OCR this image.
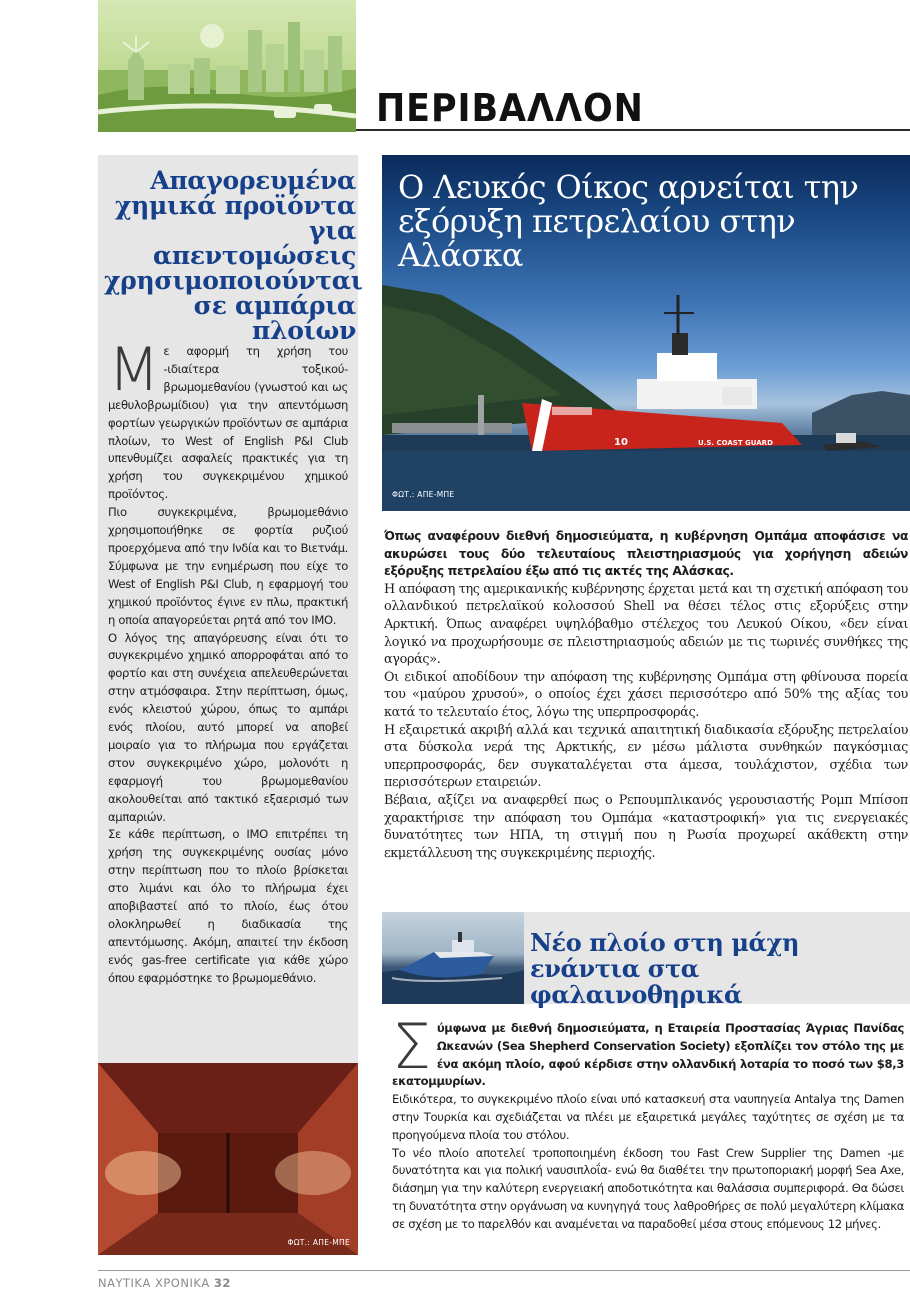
ΠΕΡΙΒΑΛΛΟΝ
Απαγορευμένα χημικά προϊόντα για απεντομώσεις χρησιμοποιούνται σε αμπάρια πλοίων

Με αφορμή τη χρήση του -ιδιαίτερα τοξικού- βρωμομεθανίου (γνωστού και ως μεθυλοβρωμίδιου) για την απεντόμωση φορτίων γεωργικών προϊόντων σε αμπάρια πλοίων, το West of English P&I Club υπενθυμίζει ασφαλείς πρακτικές για τη χρήση του συγκεκριμένου χημικού προϊόντος.

Πιο συγκεκριμένα, βρωμομεθάνιο χρησιμοποιήθηκε σε φορτία ρυζιού προερχόμενα από την Ινδία και το Βιετνάμ. Σύμφωνα με την ενημέρωση που είχε το West of English P&I Club, η εφαρμογή του χημικού προϊόντος έγινε εν πλω, πρακτική η οποία απαγορεύεται ρητά από τον ΙΜΟ.

Ο λόγος της απαγόρευσης είναι ότι το συγκεκριμένο χημικό απορροφάται από το φορτίο και στη συνέχεια απελευθερώνεται στην ατμόσφαιρα. Στην περίπτωση, όμως, ενός κλειστού χώρου, όπως το αμπάρι ενός πλοίου, αυτό μπορεί να αποβεί μοιραίο για το πλήρωμα που εργάζεται στον συγκεκριμένο χώρο, μολονότι η εφαρμογή του βρωμομεθανίου ακολουθείται από τακτικό εξαερισμό των αμπαριών.

Σε κάθε περίπτωση, ο ΙΜΟ επιτρέπει τη χρήση της συγκεκριμένης ουσίας μόνο στην περίπτωση που το πλοίο βρίσκεται στο λιμάνι και όλο το πλήρωμα έχει αποβιβαστεί από το πλοίο, έως ότου ολοκληρωθεί η διαδικασία της απεντόμωσης. Ακόμη, απαιτεί την έκδοση ενός gas-free certificate για κάθε χώρο όπου εφαρμόστηκε το βρωμομεθάνιο.

ΦΩΤ.: ΑΠΕ-ΜΠΕ
10	U.S. COAST GUARD
ΦΩΤ.: ΑΠΕ-ΜΠΕ
Ο Λευκός Οίκος αρνείται την εξόρυξη πετρελαίου στην Αλάσκα

Όπως αναφέρουν διεθνή δημοσιεύματα, η κυβέρνηση Ομπάμα αποφάσισε να ακυρώσει τους δύο τελευταίους πλειστηριασμούς για χορήγηση αδειών εξόρυξης πετρελαίου έξω από τις ακτές της Αλάσκας.

Η απόφαση της αμερικανικής κυβέρνησης έρχεται μετά και τη σχετική απόφαση του ολλανδικού πετρελαϊκού κολοσσού Shell να θέσει τέλος στις εξορύξεις στην Αρκτική. Όπως αναφέρει υψηλόβαθμο στέλεχος του Λευκού Οίκου, «δεν είναι λογικό να προχωρήσουμε σε πλειστηριασμούς αδειών με τις τωρινές συνθήκες της αγοράς».

Οι ειδικοί αποδίδουν την απόφαση της κυβέρνησης Ομπάμα στη φθίνουσα πορεία του «μαύρου χρυσού», ο οποίος έχει χάσει περισσότερο από 50% της αξίας του κατά το τελευταίο έτος, λόγω της υπερπροσφοράς.

Η εξαιρετικά ακριβή αλλά και τεχνικά απαιτητική διαδικασία εξόρυξης πετρελαίου στα δύσκολα νερά της Αρκτικής, εν μέσω μάλιστα συνθηκών παγκόσμιας υπερπροσφοράς, δεν συγκαταλέγεται στα άμεσα, τουλάχιστον, σχέδια των περισσότερων εταιρειών.

Βέβαια, αξίζει να αναφερθεί πως ο Ρεπουμπλικανός γερουσιαστής Ρομπ Μπίσοπ χαρακτήρισε την απόφαση του Ομπάμα «καταστροφική» για τις ενεργειακές δυνατότητες των ΗΠΑ, τη στιγμή που η Ρωσία προχωρεί ακάθεκτη στην εκμετάλλευση της συγκεκριμένης περιοχής.

Νέο πλοίο στη μάχη ενάντια στα φαλαινοθηρικά

Σύμφωνα με διεθνή δημοσιεύματα, η Εταιρεία Προστασίας Άγριας Πανίδας Ωκεανών (Sea Shepherd Conservation Society) εξοπλίζει τον στόλο της με ένα ακόμη πλοίο, αφού κέρδισε στην ολλανδική λοταρία το ποσό των $8,3 εκατομμυρίων.

Ειδικότερα, το συγκεκριμένο πλοίο είναι υπό κατασκευή στα ναυπηγεία Antalya της Damen στην Τουρκία και σχεδιάζεται να πλέει με εξαιρετικά μεγάλες ταχύτητες σε σχέση με τα προηγούμενα πλοία του στόλου.

Το νέο πλοίο αποτελεί τροποποιημένη έκδοση του Fast Crew Supplier της Damen -με δυνατότητα και για πολική ναυσιπλοΐα- ενώ θα διαθέτει την πρωτοποριακή μορφή Sea Axe, διάσημη για την καλύτερη ενεργειακή αποδοτικότητα και θαλάσσια συμπεριφορά. Θα δώσει τη δυνατότητα στην οργάνωση να κυνηγηγά τους λαθροθήρες σε πολύ μεγαλύτερη κλίμακα σε σχέση με το παρελθόν και αναμένεται να παραδοθεί μέσα στους επόμενους 12 μήνες.

ΝΑΥΤΙΚΑ ΧΡΟΝΙΚΑ 32
